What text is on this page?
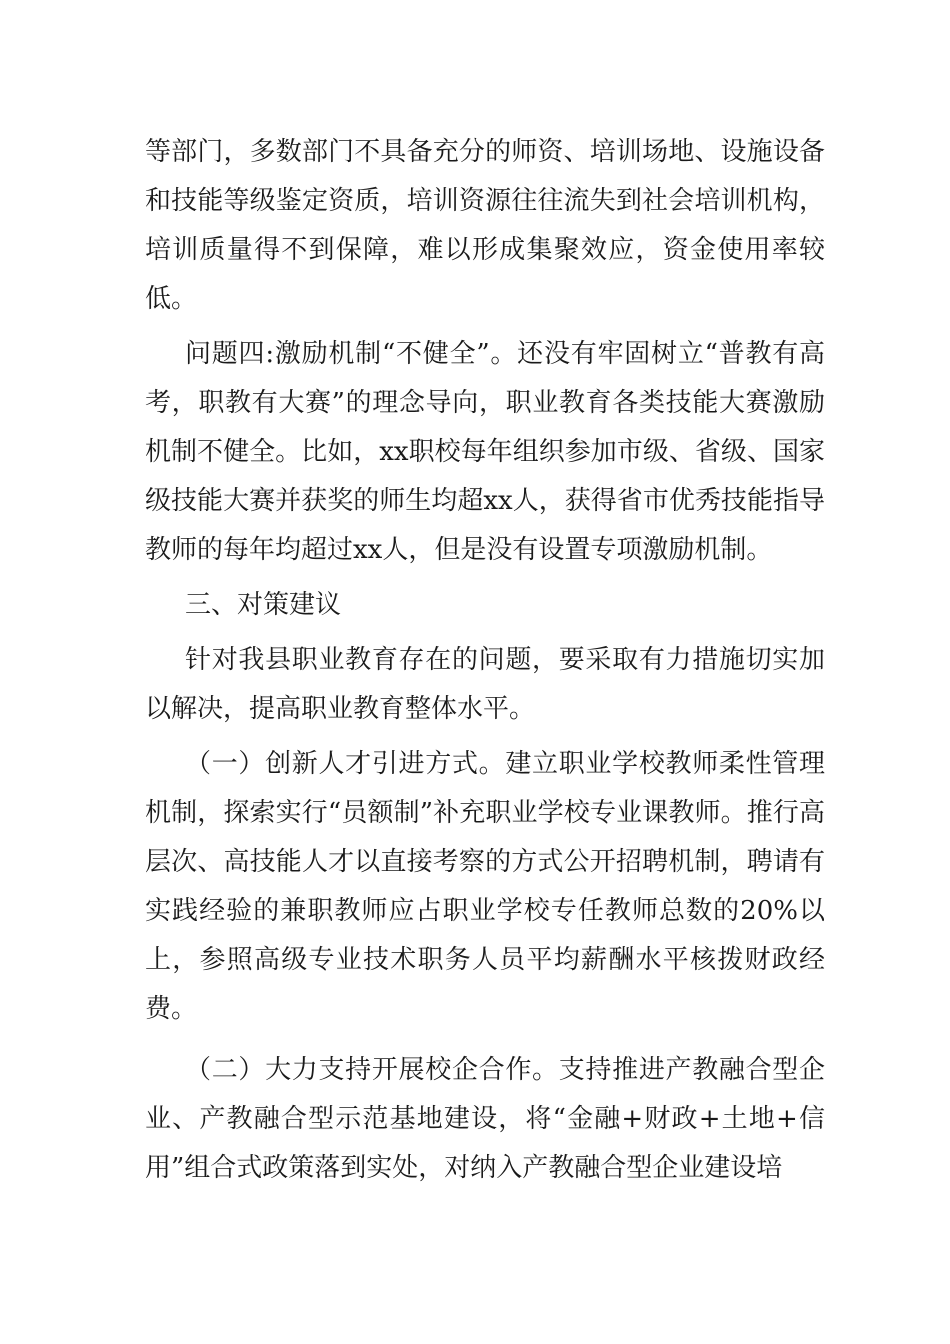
等部门，多数部门不具备充分的师资、培训场地、设施设备和技能等级鉴定资质，培训资源往往流失到社会培训机构，培训质量得不到保障，难以形成集聚效应，资金使用率较低。

问题四:激励机制“不健全”。还没有牢固树立“普教有高考，职教有大赛”的理念导向，职业教育各类技能大赛激励机制不健全。比如，xx职校每年组织参加市级、省级、国家级技能大赛并获奖的师生均超xx人，获得省市优秀技能指导教师的每年均超过xx人，但是没有设置专项激励机制。

三、对策建议

针对我县职业教育存在的问题，要采取有力措施切实加以解决，提高职业教育整体水平。

（一）创新人才引进方式。建立职业学校教师柔性管理机制，探索实行“员额制”补充职业学校专业课教师。推行高层次、高技能人才以直接考察的方式公开招聘机制，聘请有实践经验的兼职教师应占职业学校专任教师总数的20%以上，参照高级专业技术职务人员平均薪酬水平核拨财政经费。

（二）大力支持开展校企合作。支持推进产教融合型企业、产教融合型示范基地建设，将“金融+财政+土地+信用”组合式政策落到实处，对纳入产教融合型企业建设培
